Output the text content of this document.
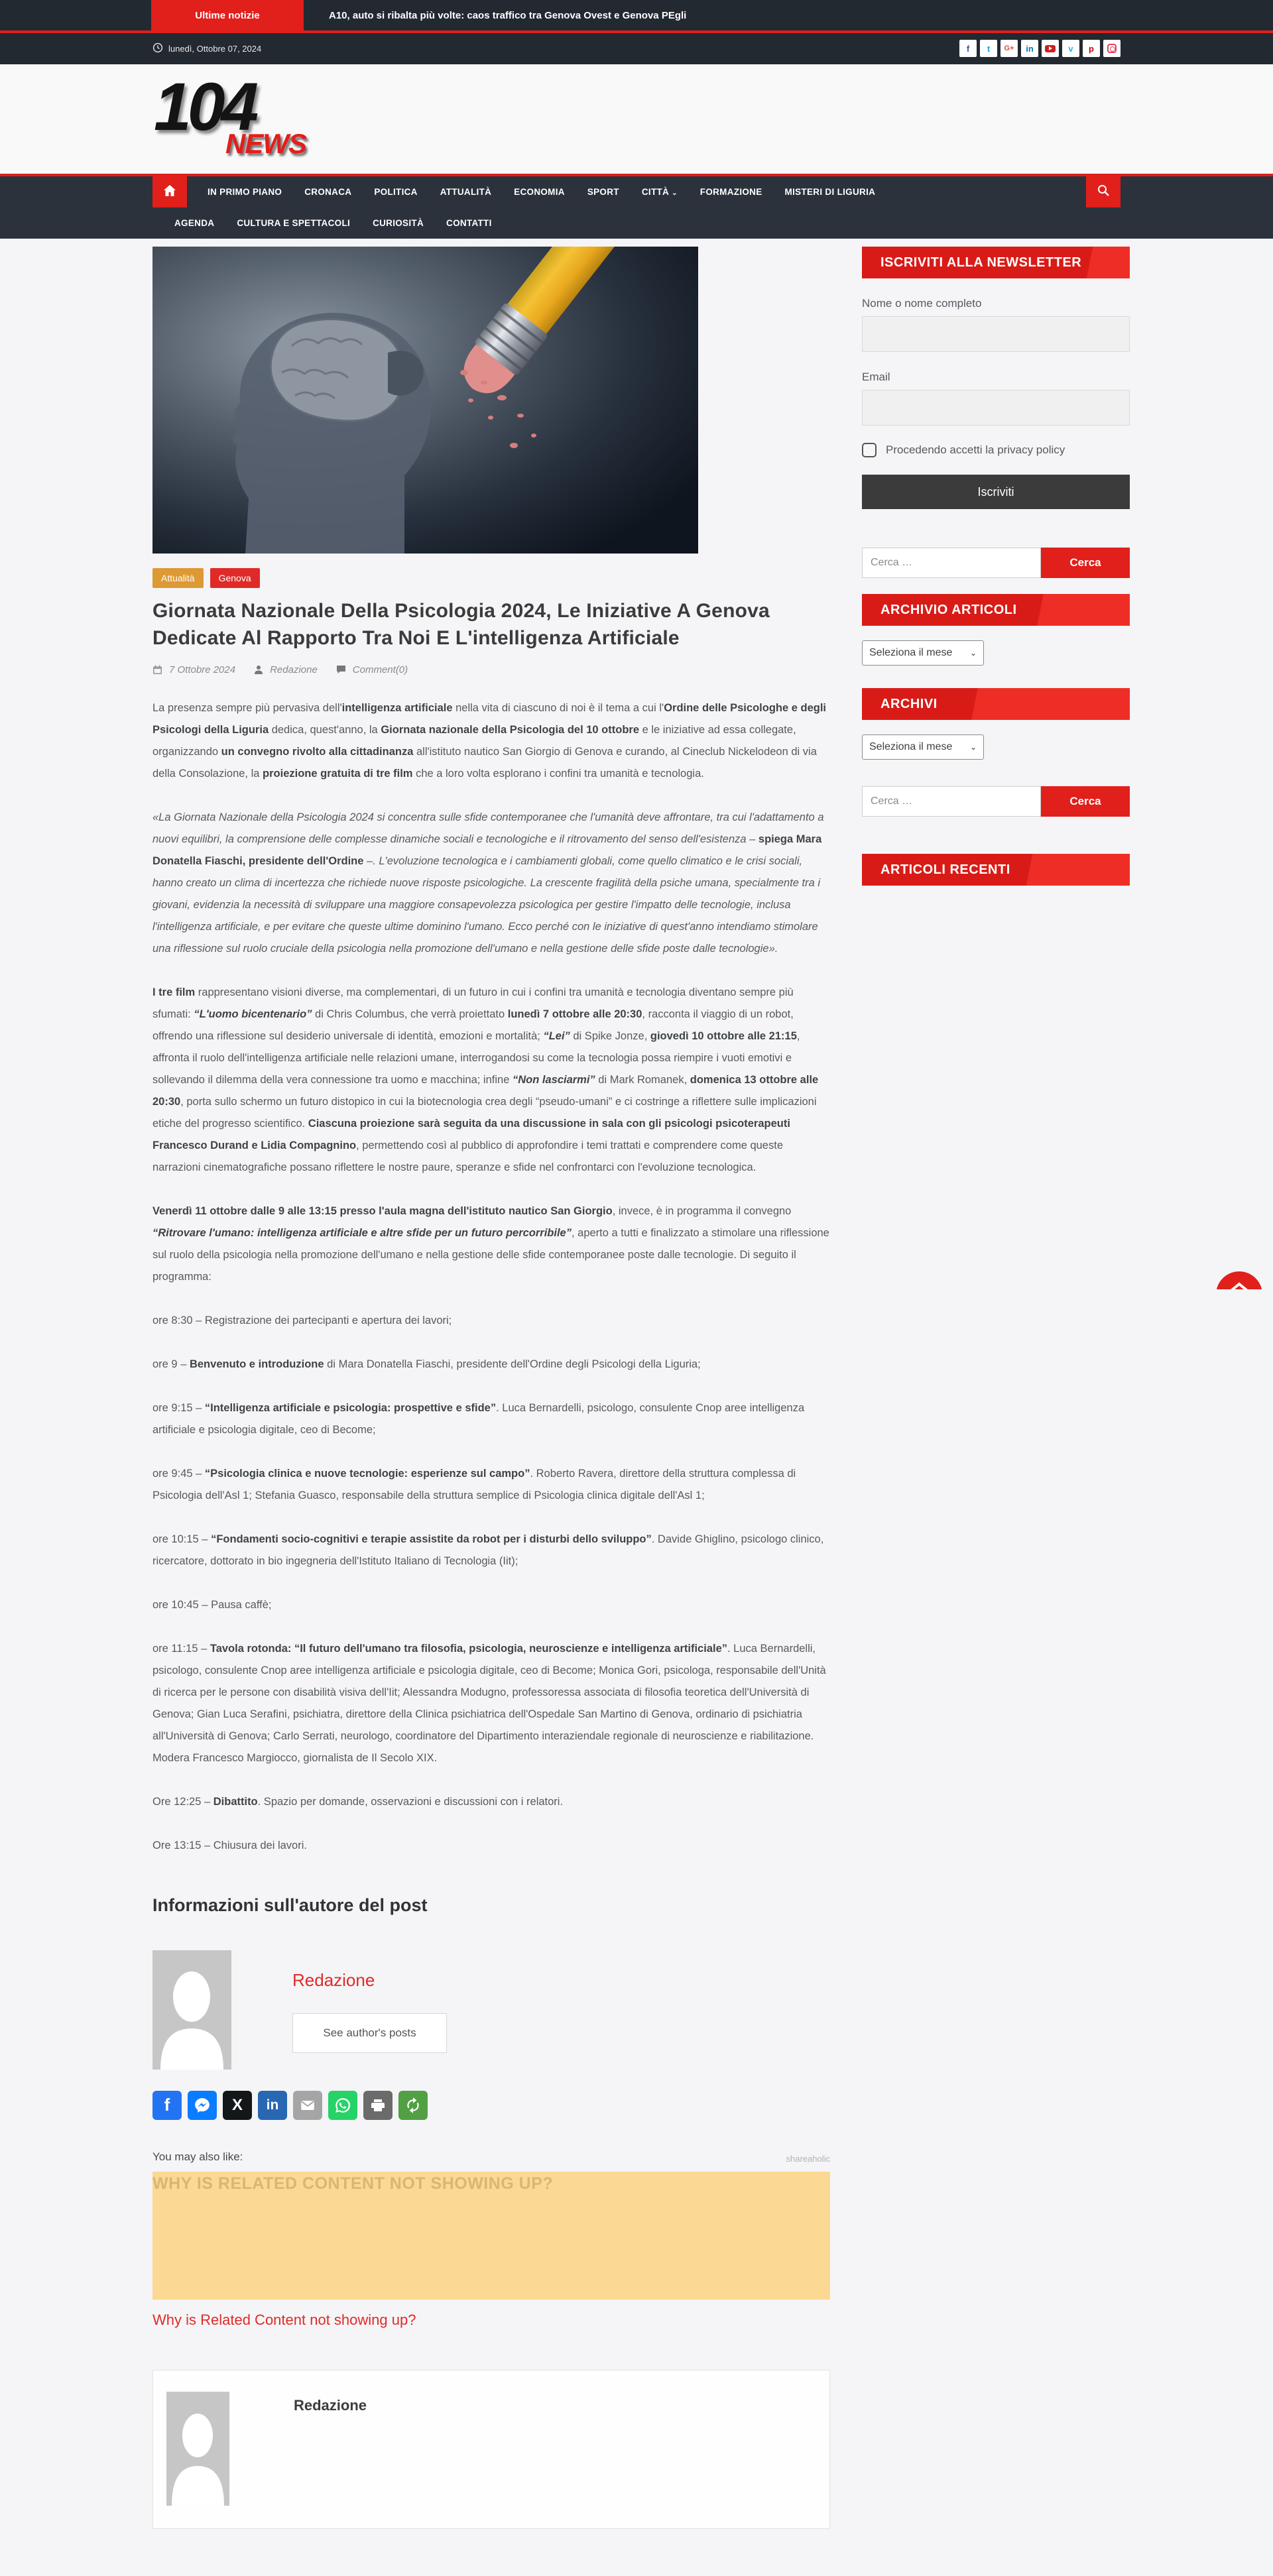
Ultime notizie	A10, auto si ribalta più volte: caos traffico tra Genova Ovest e Genova PEgli
lunedì, Ottobre 07, 2024	f	t	G+	in	v	p
104
NEWS
IN PRIMO PIANO	CRONACA	POLITICA	ATTUALITÀ	ECONOMIA	SPORT	CITTÀ ⌄	FORMAZIONE	MISTERI DI LIGURIA
AGENDA	CULTURA E SPETTACOLI	CURIOSITÀ	CONTATTI
Attualità	Genova
Giornata Nazionale Della Psicologia 2024, Le Iniziative A Genova Dedicate Al Rapporto Tra Noi E L'intelligenza Artificiale
7 Ottobre 2024	Redazione	Comment(0)

La presenza sempre più pervasiva dell'intelligenza artificiale nella vita di ciascuno di noi è il tema a cui l'Ordine delle Psicologhe e degli Psicologi della Liguria dedica, quest'anno, la Giornata nazionale della Psicologia del 10 ottobre e le iniziative ad essa collegate, organizzando un convegno rivolto alla cittadinanza all'istituto nautico San Giorgio di Genova e curando, al Cineclub Nickelodeon di via della Consolazione, la proiezione gratuita di tre film che a loro volta esplorano i confini tra umanità e tecnologia.

«La Giornata Nazionale della Psicologia 2024 si concentra sulle sfide contemporanee che l'umanità deve affrontare, tra cui l'adattamento a nuovi equilibri, la comprensione delle complesse dinamiche sociali e tecnologiche e il ritrovamento del senso dell'esistenza – spiega Mara Donatella Fiaschi, presidente dell'Ordine –. L'evoluzione tecnologica e i cambiamenti globali, come quello climatico e le crisi sociali, hanno creato un clima di incertezza che richiede nuove risposte psicologiche. La crescente fragilità della psiche umana, specialmente tra i giovani, evidenzia la necessità di sviluppare una maggiore consapevolezza psicologica per gestire l'impatto delle tecnologie, inclusa l'intelligenza artificiale, e per evitare che queste ultime dominino l'umano. Ecco perché con le iniziative di quest'anno intendiamo stimolare una riflessione sul ruolo cruciale della psicologia nella promozione dell'umano e nella gestione delle sfide poste dalle tecnologie».

I tre film rappresentano visioni diverse, ma complementari, di un futuro in cui i confini tra umanità e tecnologia diventano sempre più sfumati: “L'uomo bicentenario” di Chris Columbus, che verrà proiettato lunedì 7 ottobre alle 20:30, racconta il viaggio di un robot, offrendo una riflessione sul desiderio universale di identità, emozioni e mortalità; “Lei” di Spike Jonze, giovedì 10 ottobre alle 21:15, affronta il ruolo dell'intelligenza artificiale nelle relazioni umane, interrogandosi su come la tecnologia possa riempire i vuoti emotivi e sollevando il dilemma della vera connessione tra uomo e macchina; infine “Non lasciarmi” di Mark Romanek, domenica 13 ottobre alle 20:30, porta sullo schermo un futuro distopico in cui la biotecnologia crea degli “pseudo-umani” e ci costringe a riflettere sulle implicazioni etiche del progresso scientifico. Ciascuna proiezione sarà seguita da una discussione in sala con gli psicologi psicoterapeuti Francesco Durand e Lidia Compagnino, permettendo così al pubblico di approfondire i temi trattati e comprendere come queste narrazioni cinematografiche possano riflettere le nostre paure, speranze e sfide nel confrontarci con l'evoluzione tecnologica.

Venerdì 11 ottobre dalle 9 alle 13:15 presso l'aula magna dell'istituto nautico San Giorgio, invece, è in programma il convegno “Ritrovare l'umano: intelligenza artificiale e altre sfide per un futuro percorribile”, aperto a tutti e finalizzato a stimolare una riflessione sul ruolo della psicologia nella promozione dell'umano e nella gestione delle sfide contemporanee poste dalle tecnologie. Di seguito il programma:

ore 8:30 – Registrazione dei partecipanti e apertura dei lavori;

ore 9 – Benvenuto e introduzione di Mara Donatella Fiaschi, presidente dell'Ordine degli Psicologi della Liguria;

ore 9:15 – “Intelligenza artificiale e psicologia: prospettive e sfide”. Luca Bernardelli, psicologo, consulente Cnop aree intelligenza artificiale e psicologia digitale, ceo di Become;

ore 9:45 – “Psicologia clinica e nuove tecnologie: esperienze sul campo”. Roberto Ravera, direttore della struttura complessa di Psicologia dell'Asl 1; Stefania Guasco, responsabile della struttura semplice di Psicologia clinica digitale dell'Asl 1;

ore 10:15 – “Fondamenti socio-cognitivi e terapie assistite da robot per i disturbi dello sviluppo”. Davide Ghiglino, psicologo clinico, ricercatore, dottorato in bio ingegneria dell'Istituto Italiano di Tecnologia (Iit);

ore 10:45 – Pausa caffè;

ore 11:15 – Tavola rotonda: “Il futuro dell'umano tra filosofia, psicologia, neuroscienze e intelligenza artificiale”. Luca Bernardelli, psicologo, consulente Cnop aree intelligenza artificiale e psicologia digitale, ceo di Become; Monica Gori, psicologa, responsabile dell'Unità di ricerca per le persone con disabilità visiva dell'Iit; Alessandra Modugno, professoressa associata di filosofia teoretica dell'Università di Genova; Gian Luca Serafini, psichiatra, direttore della Clinica psichiatrica dell'Ospedale San Martino di Genova, ordinario di psichiatria all'Università di Genova; Carlo Serrati, neurologo, coordinatore del Dipartimento interaziendale regionale di neuroscienze e riabilitazione. Modera Francesco Margiocco, giornalista de Il Secolo XIX.

Ore 12:25 – Dibattito. Spazio per domande, osservazioni e discussioni con i relatori.

Ore 13:15 – Chiusura dei lavori.

Informazioni sull'autore del post
Redazione
See author's posts
f	X	in
You may also like:	shareaholic
WHY IS RELATED CONTENT NOT SHOWING UP?
Why is Related Content not showing up?
Redazione
ISCRIVITI ALLA NEWSLETTER
Nome o nome completo
Email
Procedendo accetti la privacy policy
Iscriviti
Cerca …
Cerca
ARCHIVIO ARTICOLI
Seleziona il mese ⌄
ARCHIVI
Seleziona il mese ⌄
Cerca …
Cerca
ARTICOLI RECENTI
